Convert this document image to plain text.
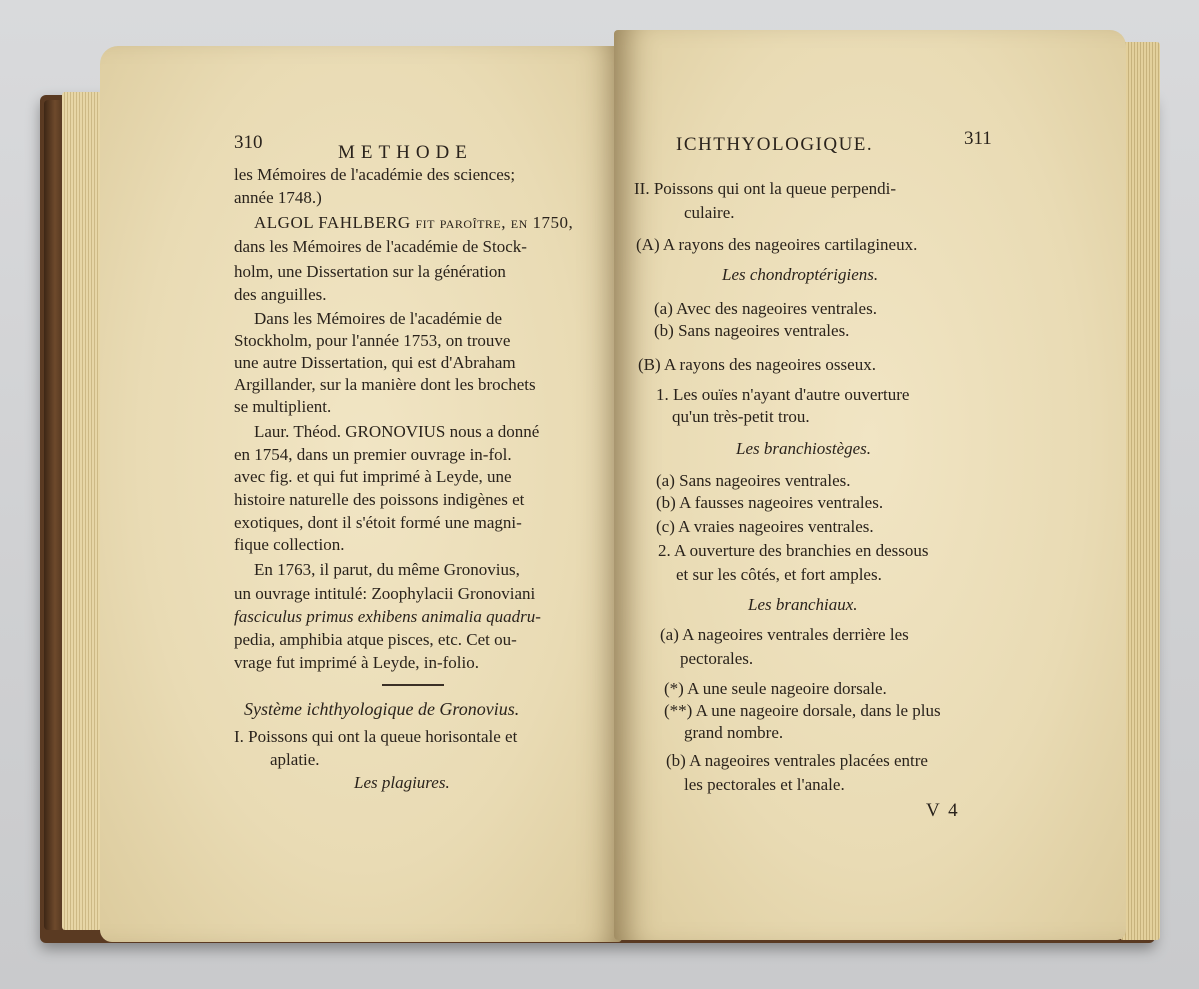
310	METHODE
les Mémoires de l'académie des sciences;
année 1748.)
ALGOL FAHLBERG fit paroître, en 1750,
dans les Mémoires de l'académie de Stock-
holm, une Dissertation sur la génération
des anguilles.
Dans les Mémoires de l'académie de
Stockholm, pour l'année 1753, on trouve
une autre Dissertation, qui est d'Abraham
Argillander, sur la manière dont les brochets
se multiplient.
Laur. Théod. GRONOVIUS nous a donné
en 1754, dans un premier ouvrage in-fol.
avec fig. et qui fut imprimé à Leyde, une
histoire naturelle des poissons indigènes et
exotiques, dont il s'étoit formé une magni-
fique collection.
En 1763, il parut, du même Gronovius,
un ouvrage intitulé: Zoophylacii Gronoviani
fasciculus primus exhibens animalia quadru-
pedia, amphibia atque pisces, etc. Cet ou-
vrage fut imprimé à Leyde, in-folio.
Système ichthyologique de Gronovius.
I. Poissons qui ont la queue horisontale et
aplatie.
Les plagiures.
ICHTHYOLOGIQUE.	311
II. Poissons qui ont la queue perpendi-
culaire.
(A) A rayons des nageoires cartilagineux.
Les chondroptérigiens.
(a) Avec des nageoires ventrales.
(b) Sans nageoires ventrales.
(B) A rayons des nageoires osseux.
1. Les ouïes n'ayant d'autre ouverture
qu'un très-petit trou.
Les branchiostèges.
(a) Sans nageoires ventrales.
(b) A fausses nageoires ventrales.
(c) A vraies nageoires ventrales.
2. A ouverture des branchies en dessous
et sur les côtés, et fort amples.
Les branchiaux.
(a) A nageoires ventrales derrière les
pectorales.
(*) A une seule nageoire dorsale.
(**) A une nageoire dorsale, dans le plus
grand nombre.
(b) A nageoires ventrales placées entre
les pectorales et l'anale.
V 4
